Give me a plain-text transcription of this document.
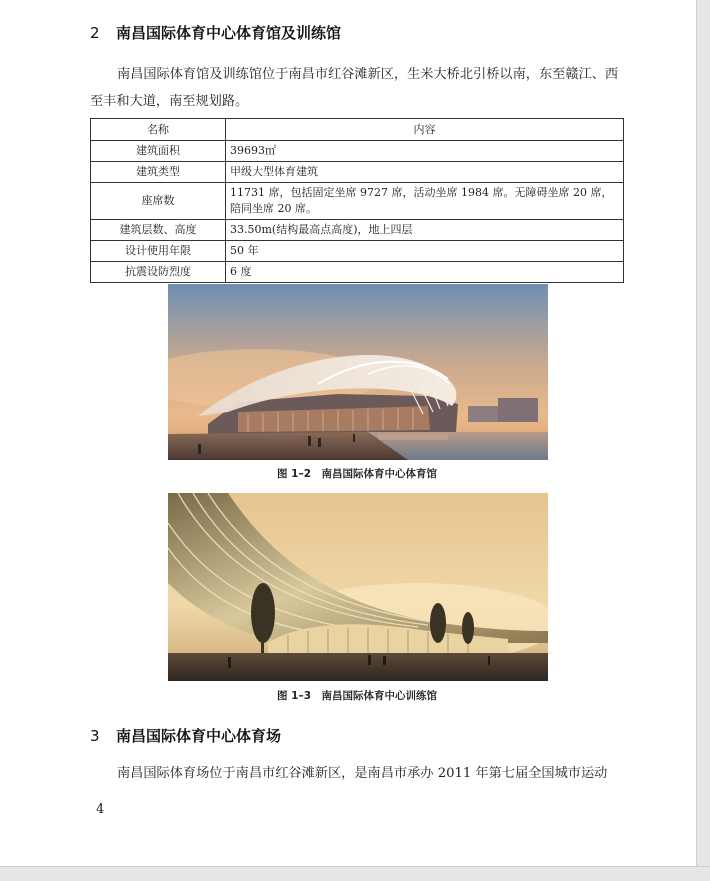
2 南昌国际体育中心体育馆及训练馆
南昌国际体育馆及训练馆位于南昌市红谷滩新区，生米大桥北引桥以南，东至赣江、西至丰和大道，南至规划路。
名称	内容
建筑面积	39693㎡
建筑类型	甲级大型体育建筑
座席数	11731 席，包括固定坐席 9727 席，活动坐席 1984 席。无障碍坐席 20 席，陪同坐席 20 席。
建筑层数、高度	33.50m(结构最高点高度)，地上四层
设计使用年限	50 年
抗震设防烈度	6 度
图 1–2　南昌国际体育中心体育馆
图 1–3　南昌国际体育中心训练馆
3 南昌国际体育中心体育场
南昌国际体育场位于南昌市红谷滩新区，是南昌市承办 2011 年第七届全国城市运动
4
